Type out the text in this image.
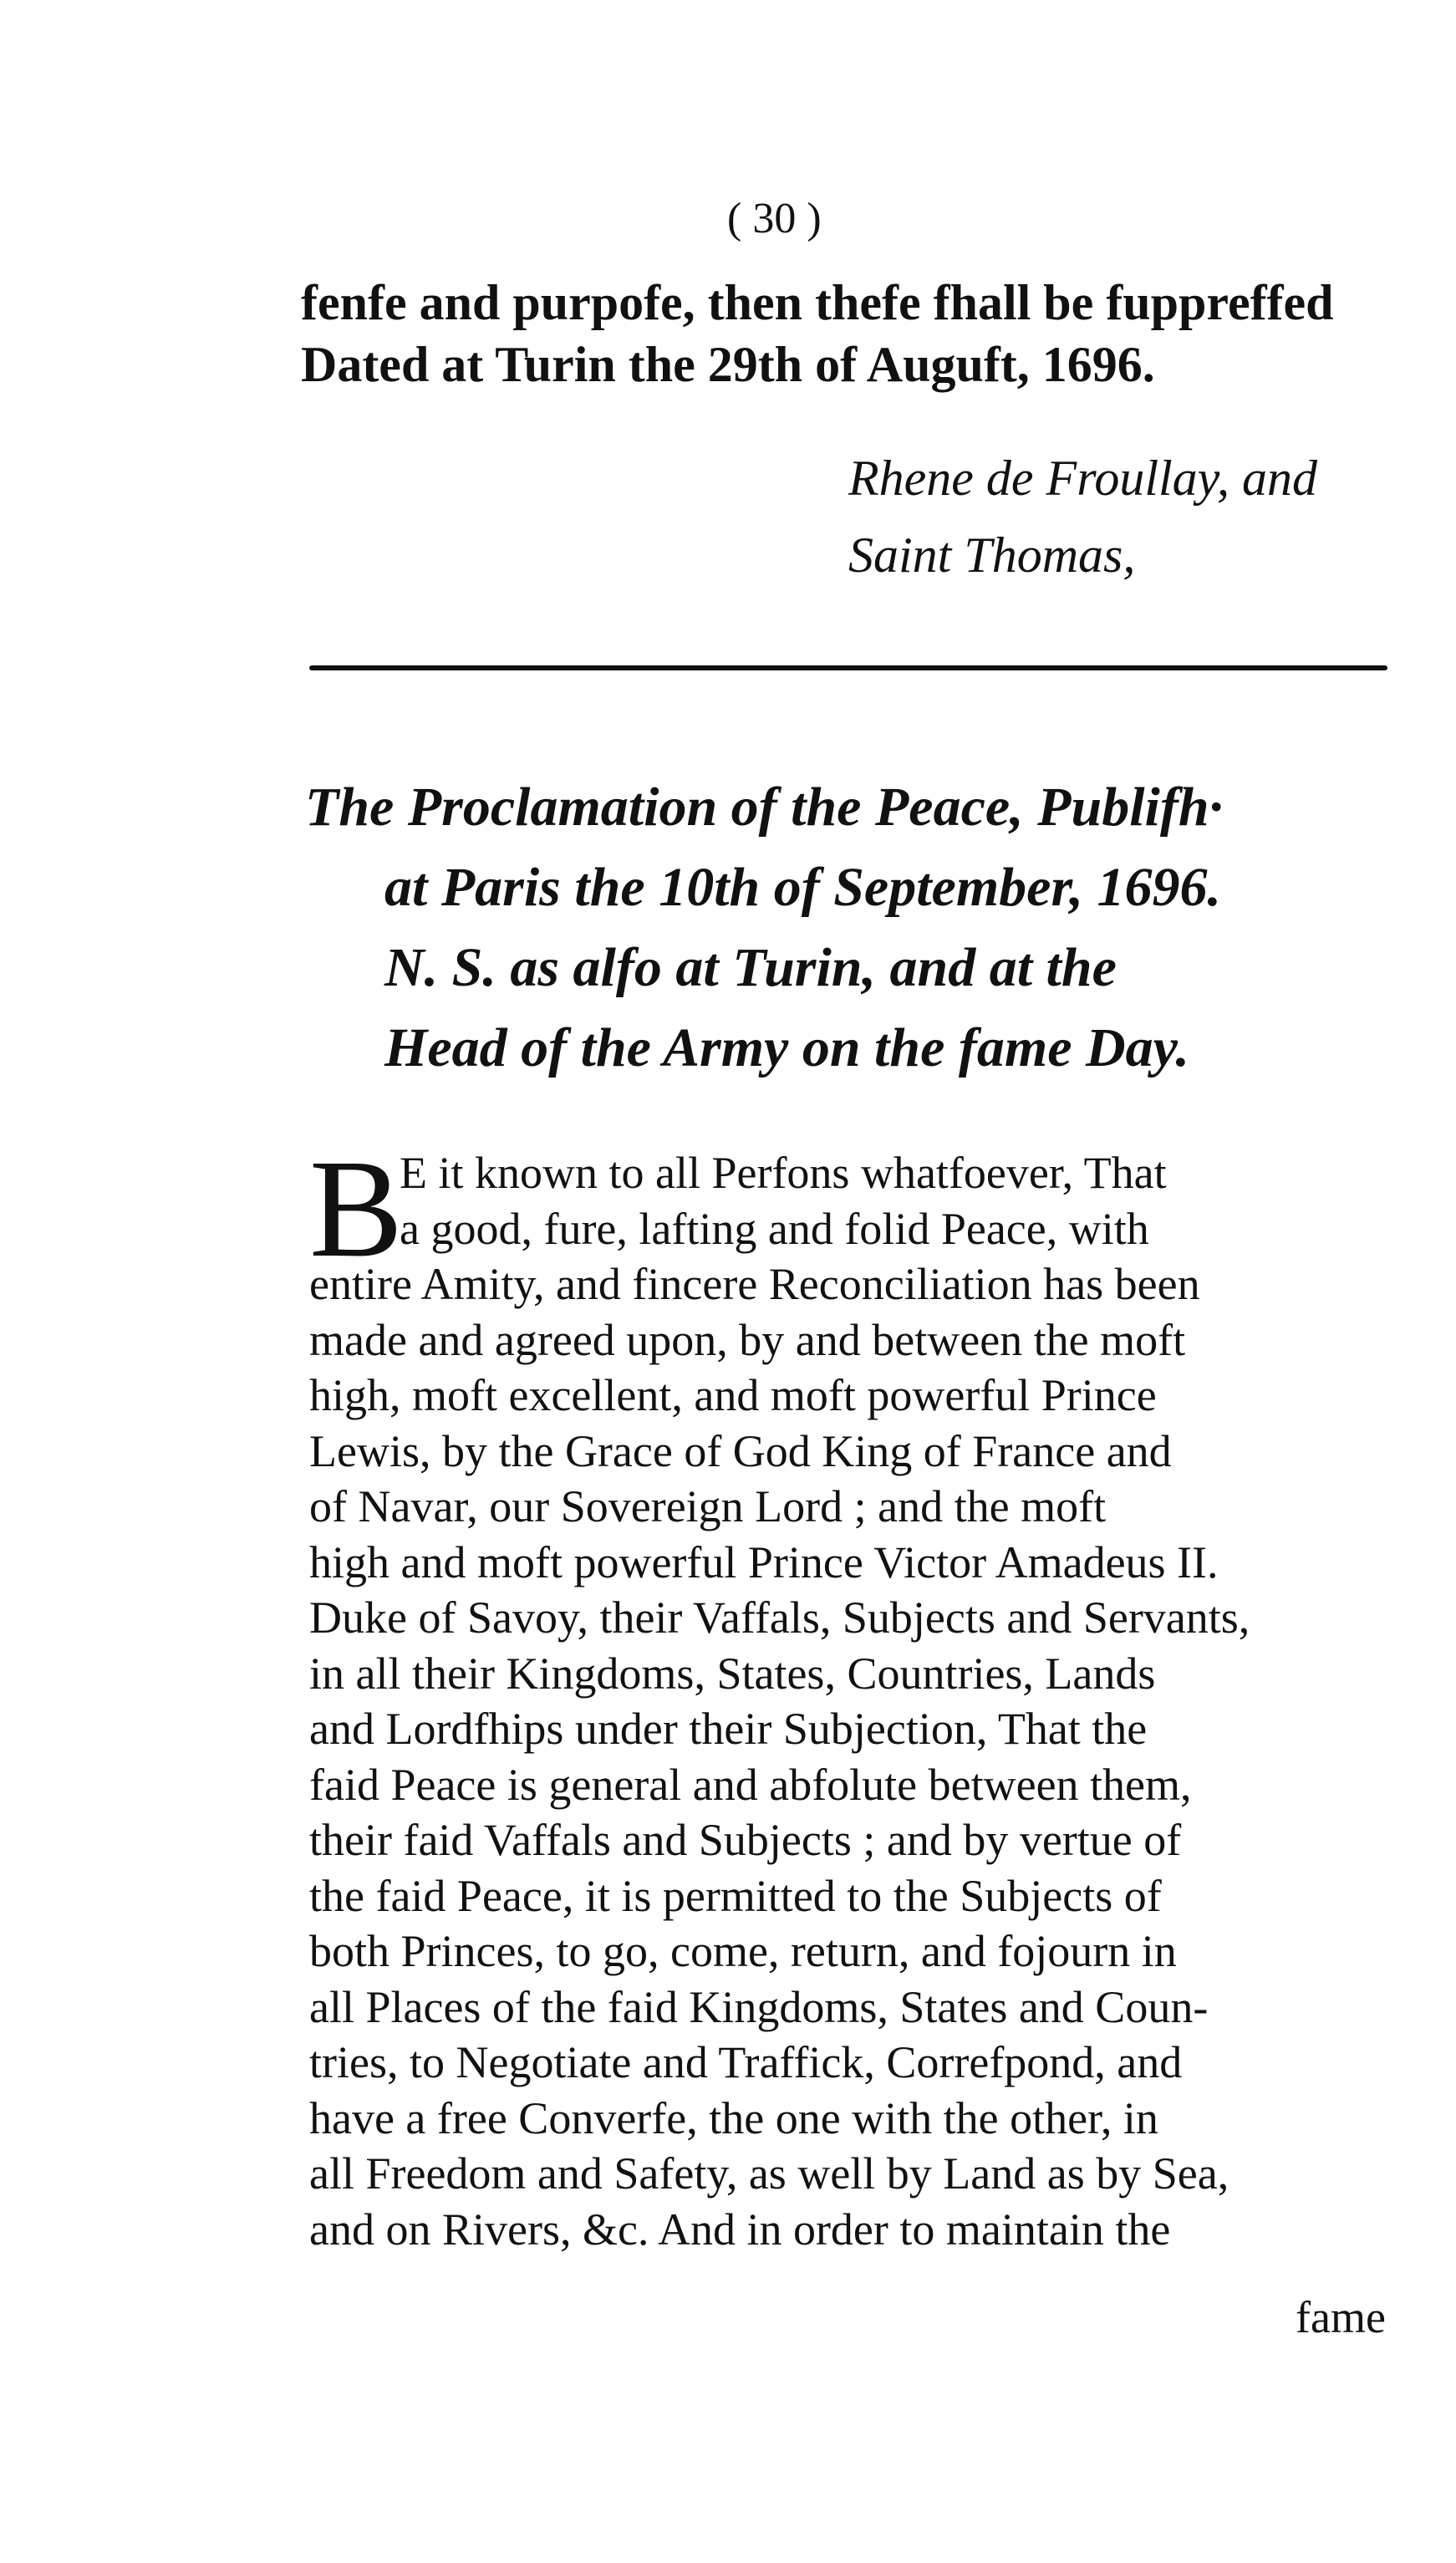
( 30 )
fenfe and purpofe, then thefe fhall be fuppreffed
Dated at Turin the 29th of Auguft, 1696.
Rhene de Froullay, and
Saint Thomas,
The Proclamation of the Peace, Publifh·
at Paris the 10th of September, 1696.
N. S. as alfo at Turin, and at the
Head of the Army on the fame Day.
B
E it known to all Perfons whatfoever, That
a good, fure, lafting and folid Peace, with
entire Amity, and fincere Reconciliation has been
made and agreed upon, by and between the moft
high, moft excellent, and moft powerful Prince
Lewis, by the Grace of God King of France and
of Navar, our Sovereign Lord ; and the moft
high and moft powerful Prince Victor Amadeus II.
Duke of Savoy, their Vaffals, Subjects and Servants,
in all their Kingdoms, States, Countries, Lands
and Lordfhips under their Subjection, That the
faid Peace is general and abfolute between them,
their faid Vaffals and Subjects ; and by vertue of
the faid Peace, it is permitted to the Subjects of
both Princes, to go, come, return, and fojourn in
all Places of the faid Kingdoms, States and Coun-
tries, to Negotiate and Traffick, Correfpond, and
have a free Converfe, the one with the other, in
all Freedom and Safety, as well by Land as by Sea,
and on Rivers, &c. And in order to maintain the
fame
